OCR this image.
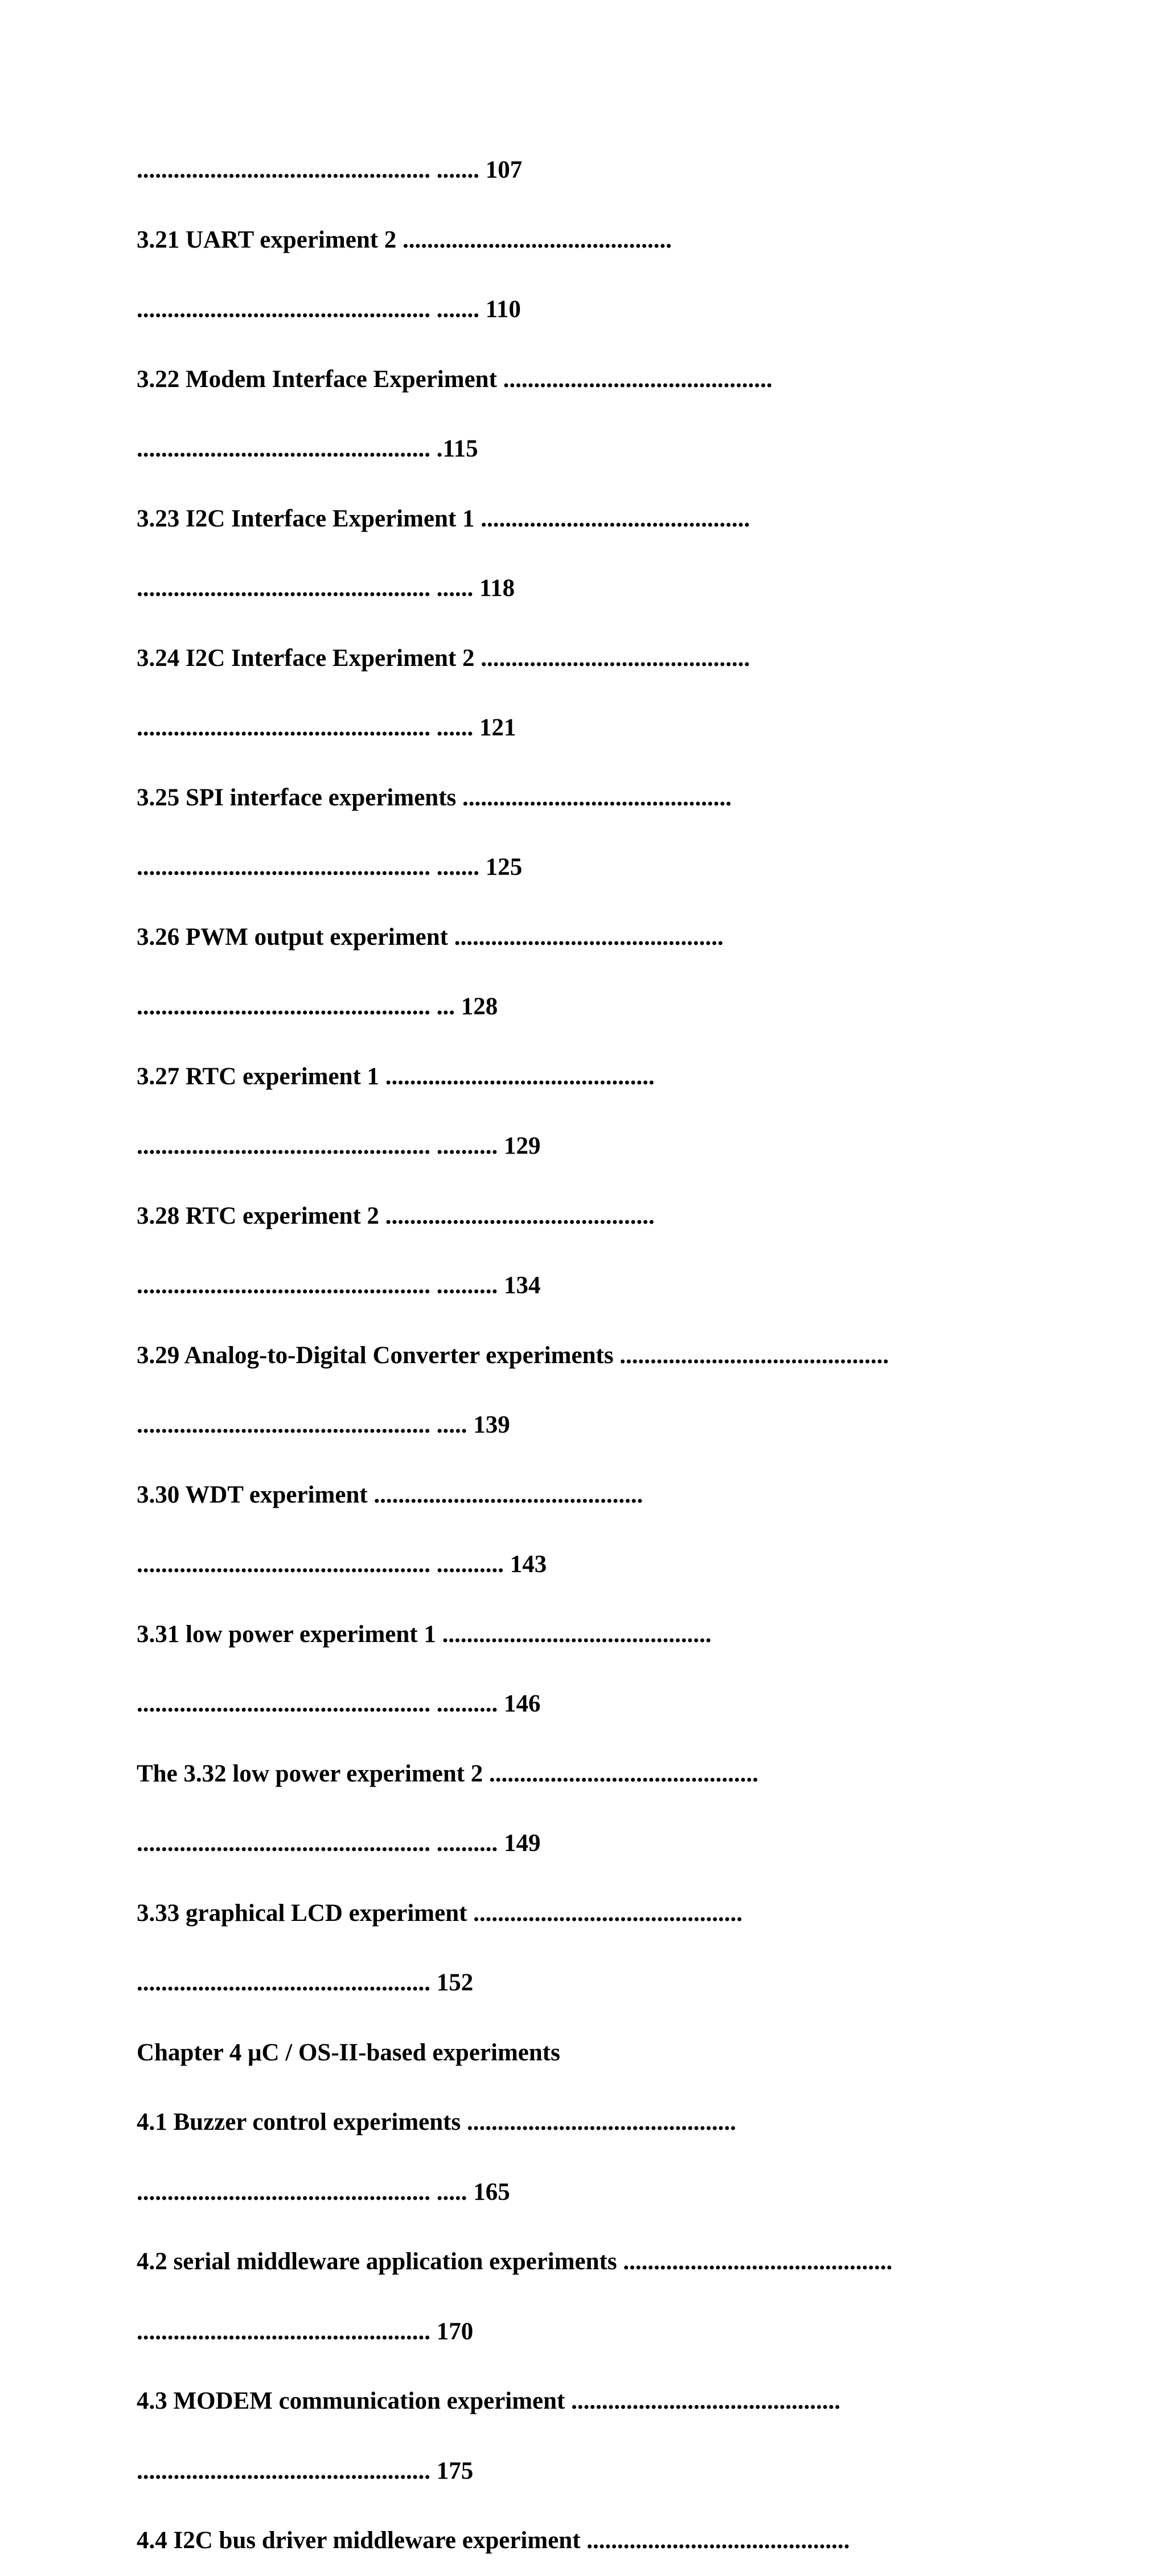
................................................ ....... 107
3.21 UART experiment 2 ............................................
................................................ ....... 110
3.22 Modem Interface Experiment ............................................
................................................ .115
3.23 I2C Interface Experiment 1 ............................................
................................................ ...... 118
3.24 I2C Interface Experiment 2 ............................................
................................................ ...... 121
3.25 SPI interface experiments ............................................
................................................ ....... 125
3.26 PWM output experiment ............................................
................................................ ... 128
3.27 RTC experiment 1 ............................................
................................................ .......... 129
3.28 RTC experiment 2 ............................................
................................................ .......... 134
3.29 Analog-to-Digital Converter experiments ............................................
................................................ ..... 139
3.30 WDT experiment ............................................
................................................ ........... 143
3.31 low power experiment 1 ............................................
................................................ .......... 146
The 3.32 low power experiment 2 ............................................
................................................ .......... 149
3.33 graphical LCD experiment ............................................
................................................ 152
Chapter 4 μC / OS-II-based experiments
4.1 Buzzer control experiments ............................................
................................................ ..... 165
4.2 serial middleware application experiments ............................................
................................................ 170
4.3 MODEM communication experiment ............................................
................................................ 175
4.4 I2C bus driver middleware experiment ...........................................
